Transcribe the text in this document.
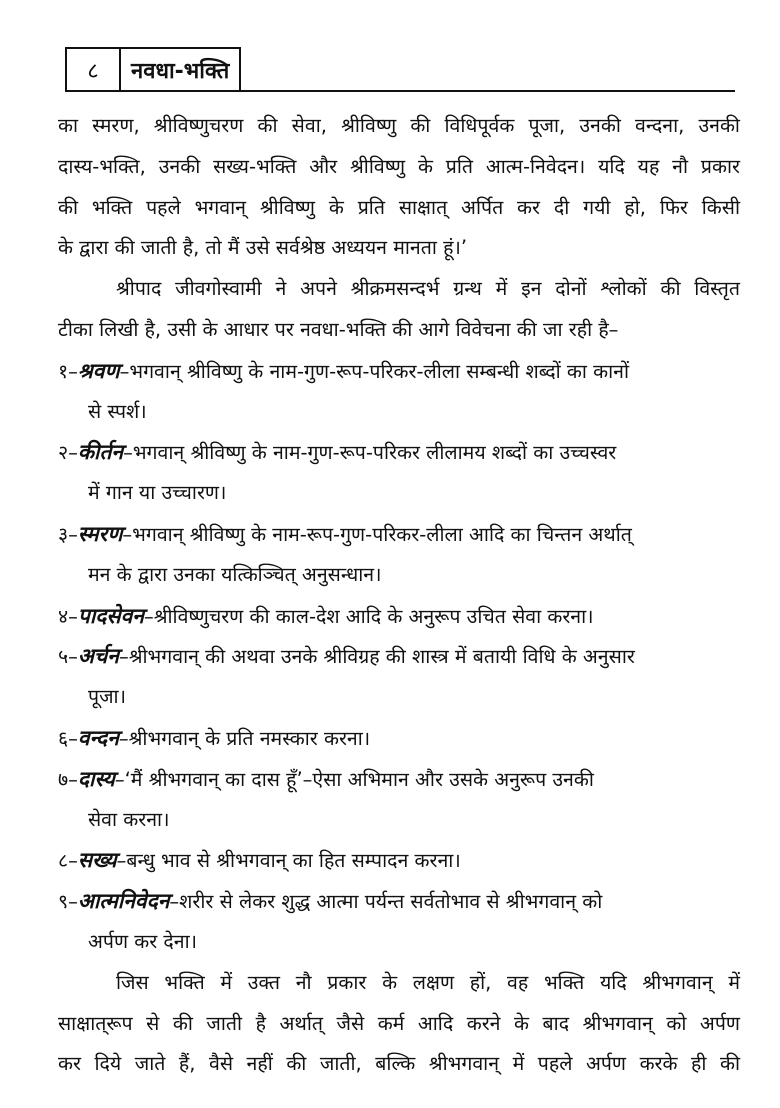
८	नवधा-भक्ति
का स्मरण, श्रीविष्णुचरण की सेवा, श्रीविष्णु की विधिपूर्वक पूजा, उनकी वन्दना, उनकी
दास्य-भक्ति, उनकी सख्य-भक्ति और श्रीविष्णु के प्रति आत्म-निवेदन। यदि यह नौ प्रकार
की भक्ति पहले भगवान् श्रीविष्णु के प्रति साक्षात् अर्पित कर दी गयी हो, फिर किसी
के द्वारा की जाती है, तो मैं उसे सर्वश्रेष्ठ अध्ययन मानता हूं।’
श्रीपाद जीवगोस्वामी ने अपने श्रीक्रमसन्दर्भ ग्रन्थ में इन दोनों श्लोकों की विस्तृत
टीका लिखी है, उसी के आधार पर नवधा-भक्ति की आगे विवेचना की जा रही है–
१–श्रवण–भगवान् श्रीविष्णु के नाम-गुण-रूप-परिकर-लीला सम्बन्धी शब्दों का कानों
से स्पर्श।
२–कीर्तन–भगवान् श्रीविष्णु के नाम-गुण-रूप-परिकर लीलामय शब्दों का उच्चस्वर
में गान या उच्चारण।
३–स्मरण–भगवान् श्रीविष्णु के नाम-रूप-गुण-परिकर-लीला आदि का चिन्तन अर्थात्
मन के द्वारा उनका यत्किञ्चित् अनुसन्धान।
४–पादसेवन–श्रीविष्णुचरण की काल-देश आदि के अनुरूप उचित सेवा करना।
५–अर्चन–श्रीभगवान् की अथवा उनके श्रीविग्रह की शास्त्र में बतायी विधि के अनुसार
पूजा।
६–वन्दन–श्रीभगवान् के प्रति नमस्कार करना।
७–दास्य–‘मैं श्रीभगवान् का दास हूँ’–ऐसा अभिमान और उसके अनुरूप उनकी
सेवा करना।
८–सख्य–बन्धु भाव से श्रीभगवान् का हित सम्पादन करना।
९–आत्मनिवेदन–शरीर से लेकर शुद्ध आत्मा पर्यन्त सर्वतोभाव से श्रीभगवान् को
अर्पण कर देना।
जिस भक्ति में उक्त नौ प्रकार के लक्षण हों, वह भक्ति यदि श्रीभगवान् में
साक्षात्‌रूप से की जाती है अर्थात् जैसे कर्म आदि करने के बाद श्रीभगवान् को अर्पण
कर दिये जाते हैं, वैसे नहीं की जाती, बल्कि श्रीभगवान् में पहले अर्पण करके ही की
